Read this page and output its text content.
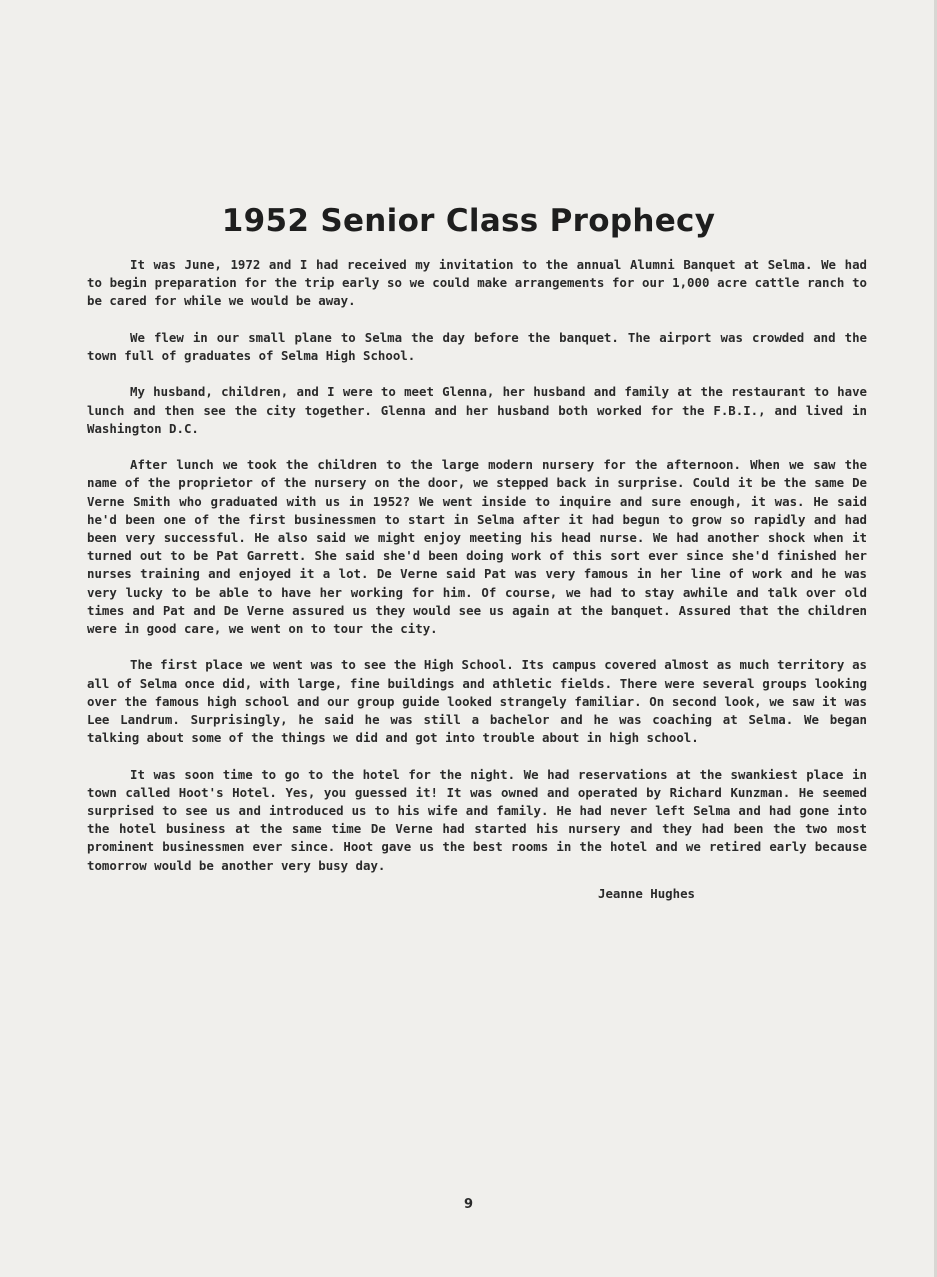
1952 Senior Class Prophecy

It was June, 1972 and I had received my invitation to the annual Alumni Banquet at Selma. We had to begin preparation for the trip early so we could make arrangements for our 1,000 acre cattle ranch to be cared for while we would be away.

We flew in our small plane to Selma the day before the banquet. The airport was crowded and the town full of graduates of Selma High School.

My husband, children, and I were to meet Glenna, her husband and family at the restaurant to have lunch and then see the city together. Glenna and her husband both worked for the F.B.I., and lived in Washington D.C.

After lunch we took the children to the large modern nursery for the afternoon. When we saw the name of the proprietor of the nursery on the door, we stepped back in surprise. Could it be the same De Verne Smith who graduated with us in 1952? We went inside to inquire and sure enough, it was. He said he'd been one of the first businessmen to start in Selma after it had begun to grow so rapidly and had been very successful. He also said we might enjoy meeting his head nurse. We had another shock when it turned out to be Pat Garrett. She said she'd been doing work of this sort ever since she'd finished her nurses training and enjoyed it a lot. De Verne said Pat was very famous in her line of work and he was very lucky to be able to have her working for him. Of course, we had to stay awhile and talk over old times and Pat and De Verne assured us they would see us again at the banquet. Assured that the children were in good care, we went on to tour the city.

The first place we went was to see the High School. Its campus covered almost as much territory as all of Selma once did, with large, fine buildings and athletic fields. There were several groups looking over the famous high school and our group guide looked strangely familiar. On second look, we saw it was Lee Landrum. Surprisingly, he said he was still a bachelor and he was coaching at Selma. We began talking about some of the things we did and got into trouble about in high school.

It was soon time to go to the hotel for the night. We had reservations at the swankiest place in town called Hoot's Hotel. Yes, you guessed it! It was owned and operated by Richard Kunzman. He seemed surprised to see us and introduced us to his wife and family. He had never left Selma and had gone into the hotel business at the same time De Verne had started his nursery and they had been the two most prominent businessmen ever since. Hoot gave us the best rooms in the hotel and we retired early because tomorrow would be another very busy day.

Jeanne Hughes
9
